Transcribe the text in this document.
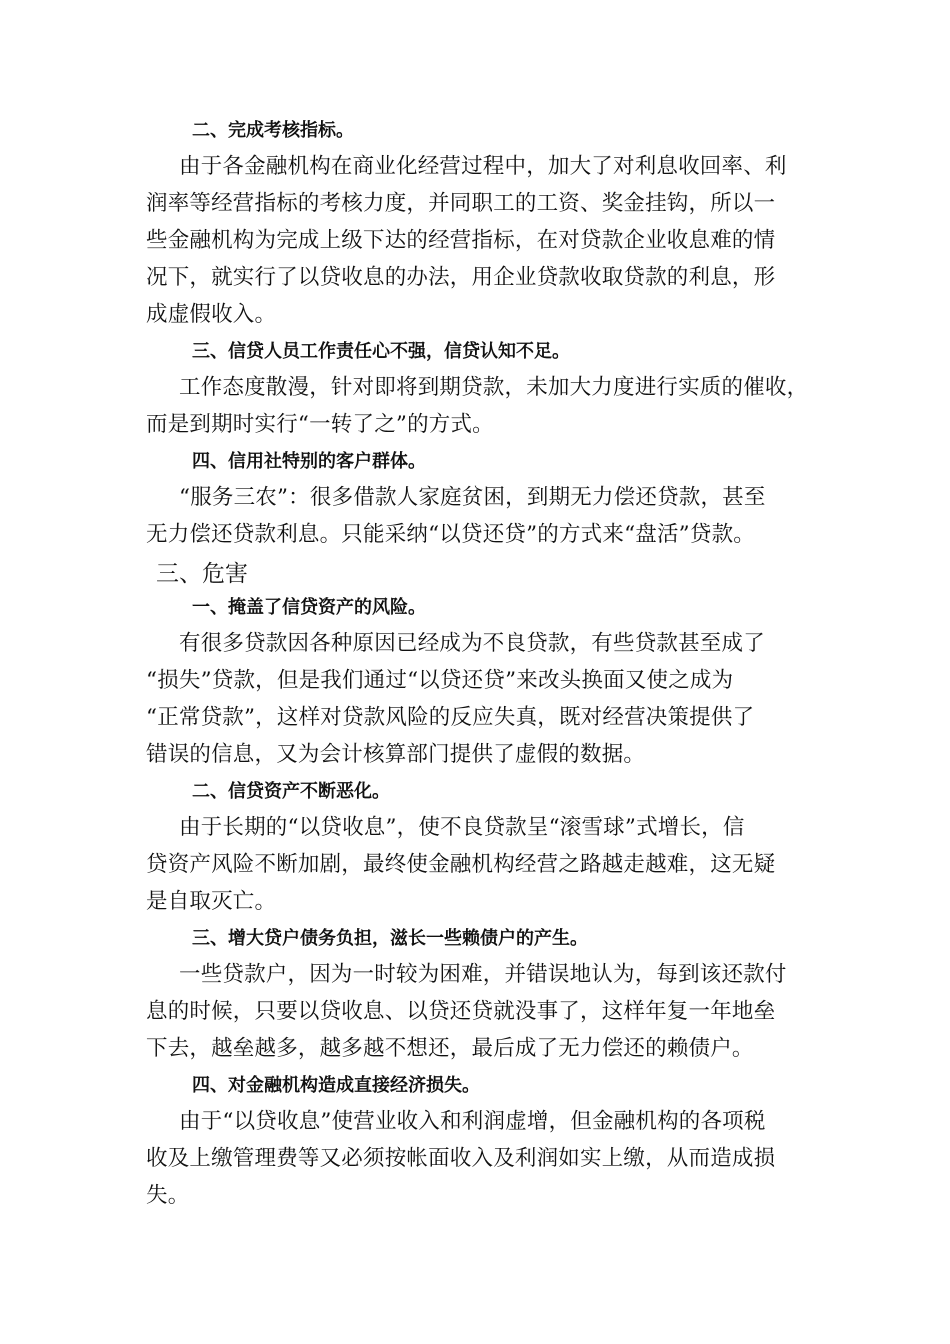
二、完成考核指标。
由于各金融机构在商业化经营过程中，加大了对利息收回率、利
润率等经营指标的考核力度，并同职工的工资、奖金挂钩，所以一
些金融机构为完成上级下达的经营指标，在对贷款企业收息难的情
况下，就实行了以贷收息的办法，用企业贷款收取贷款的利息，形
成虚假收入。
三、信贷人员工作责任心不强，信贷认知不足。
工作态度散漫，针对即将到期贷款，未加大力度进行实质的催收，
而是到期时实行“一转了之”的方式。
四、信用社特别的客户群体。
“服务三农”：很多借款人家庭贫困，到期无力偿还贷款，甚至
无力偿还贷款利息。只能采纳“以贷还贷”的方式来“盘活”贷款。
三、危害
一、掩盖了信贷资产的风险。
有很多贷款因各种原因已经成为不良贷款，有些贷款甚至成了
“损失”贷款，但是我们通过“以贷还贷”来改头换面又使之成为
“正常贷款”，这样对贷款风险的反应失真，既对经营决策提供了
错误的信息，又为会计核算部门提供了虚假的数据。
二、信贷资产不断恶化。
由于长期的“以贷收息”，使不良贷款呈“滚雪球”式增长，信
贷资产风险不断加剧，最终使金融机构经营之路越走越难，这无疑
是自取灭亡。
三、增大贷户债务负担，滋长一些赖债户的产生。
一些贷款户，因为一时较为困难，并错误地认为，每到该还款付
息的时候，只要以贷收息、以贷还贷就没事了，这样年复一年地垒
下去，越垒越多，越多越不想还，最后成了无力偿还的赖债户。
四、对金融机构造成直接经济损失。
由于“以贷收息”使营业收入和利润虚增，但金融机构的各项税
收及上缴管理费等又必须按帐面收入及利润如实上缴，从而造成损
失。
